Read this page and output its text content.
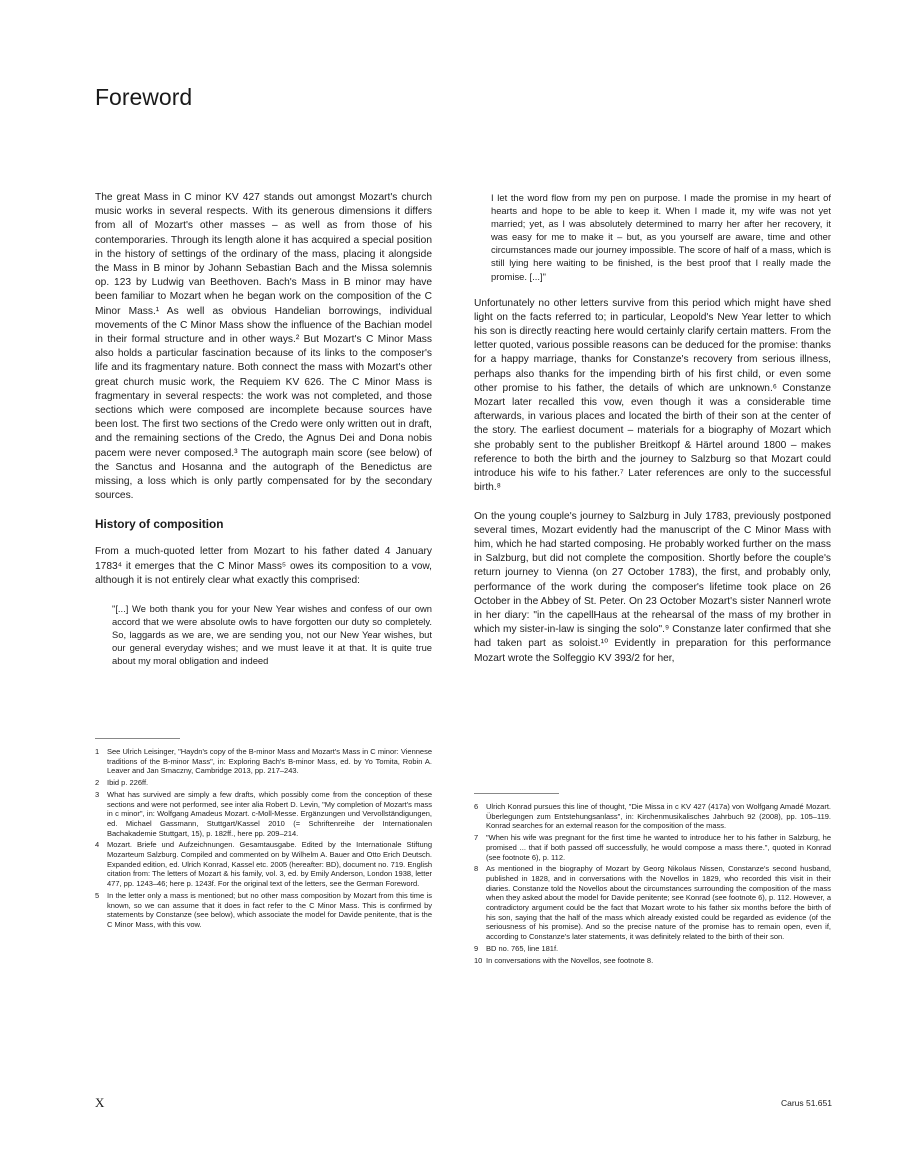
Foreword

The great Mass in C minor KV 427 stands out amongst Mozart's church music works in several respects. With its generous dimensions it differs from all of Mozart's other masses – as well as from those of his contemporaries. Through its length alone it has acquired a special position in the history of settings of the ordinary of the mass, placing it alongside the Mass in B minor by Johann Sebastian Bach and the Missa solemnis op. 123 by Ludwig van Beethoven. Bach's Mass in B minor may have been familiar to Mozart when he began work on the composition of the C Minor Mass.¹ As well as obvious Handelian borrowings, individual movements of the C Minor Mass show the influence of the Bachian model in their formal structure and in other ways.² But Mozart's C Minor Mass also holds a particular fascination because of its links to the composer's life and its fragmentary nature. Both connect the mass with Mozart's other great church music work, the Requiem KV 626. The C Minor Mass is fragmentary in several respects: the work was not completed, and those sections which were composed are incomplete because sources have been lost. The first two sections of the Credo were only written out in draft, and the remaining sections of the Credo, the Agnus Dei and Dona nobis pacem were never composed.³ The autograph main score (see below) of the Sanctus and Hosanna and the autograph of the Benedictus are missing, a loss which is only partly compensated for by the secondary sources.

History of composition

From a much-quoted letter from Mozart to his father dated 4 January 1783⁴ it emerges that the C Minor Mass⁵ owes its composition to a vow, although it is not entirely clear what exactly this comprised:

"[...] We both thank you for your New Year wishes and confess of our own accord that we were absolute owls to have forgotten our duty so completely. So, laggards as we are, we are sending you, not our New Year wishes, but our general everyday wishes; and we must leave it at that. It is quite true about my moral obligation and indeed

1	See Ulrich Leisinger, "Haydn's copy of the B-minor Mass and Mozart's Mass in C minor: Viennese traditions of the B-minor Mass", in: Exploring Bach's B-minor Mass, ed. by Yo Tomita, Robin A. Leaver and Jan Smaczny, Cambridge 2013, pp. 217–243.
2	Ibid p. 226ff.
3	What has survived are simply a few drafts, which possibly come from the conception of these sections and were not performed, see inter alia Robert D. Levin, "My completion of Mozart's mass in c minor", in: Wolfgang Amadeus Mozart. c-Moll-Messe. Ergänzungen und Vervollständigungen, ed. Michael Gassmann, Stuttgart/Kassel 2010 (= Schriftenreihe der Internationalen Bachakademie Stuttgart, 15), p. 182ff., here pp. 209–214.
4	Mozart. Briefe und Aufzeichnungen. Gesamtausgabe. Edited by the Internationale Stiftung Mozarteum Salzburg. Compiled and commented on by Wilhelm A. Bauer and Otto Erich Deutsch. Expanded edition, ed. Ulrich Konrad, Kassel etc. 2005 (hereafter: BD), document no. 719. English citation from: The letters of Mozart & his family, vol. 3, ed. by Emily Anderson, London 1938, letter 477, pp. 1243–46; here p. 1243f. For the original text of the letters, see the German Foreword.
5	In the letter only a mass is mentioned; but no other mass composition by Mozart from this time is known, so we can assume that it does in fact refer to the C Minor Mass. This is confirmed by statements by Constanze (see below), which associate the model for Davide penitente, that is the C Minor Mass, with this vow.

I let the word flow from my pen on purpose. I made the promise in my heart of hearts and hope to be able to keep it. When I made it, my wife was not yet married; yet, as I was absolutely determined to marry her after her recovery, it was easy for me to make it – but, as you yourself are aware, time and other circumstances made our journey impossible. The score of half of a mass, which is still lying here waiting to be finished, is the best proof that I really made the promise. [...]"

Unfortunately no other letters survive from this period which might have shed light on the facts referred to; in particular, Leopold's New Year letter to which his son is directly reacting here would certainly clarify certain matters. From the letter quoted, various possible reasons can be deduced for the promise: thanks for a happy marriage, thanks for Constanze's recovery from serious illness, perhaps also thanks for the impending birth of his first child, or even some other promise to his father, the details of which are unknown.⁶ Constanze Mozart later recalled this vow, even though it was a considerable time afterwards, in various places and located the birth of their son at the center of the story. The earliest document – materials for a biography of Mozart which she probably sent to the publisher Breitkopf & Härtel around 1800 – makes reference to both the birth and the journey to Salzburg so that Mozart could introduce his wife to his father.⁷ Later references are only to the successful birth.⁸

On the young couple's journey to Salzburg in July 1783, previously postponed several times, Mozart evidently had the manuscript of the C Minor Mass with him, which he had started composing. He probably worked further on the mass in Salzburg, but did not complete the composition. Shortly before the couple's return journey to Vienna (on 27 October 1783), the first, and probably only, performance of the work during the composer's lifetime took place on 26 October in the Abbey of St. Peter. On 23 October Mozart's sister Nannerl wrote in her diary: "in the capellHaus at the rehearsal of the mass of my brother in which my sister-in-law is singing the solo".⁹ Constanze later confirmed that she had taken part as soloist.¹⁰ Evidently in preparation for this performance Mozart wrote the Solfeggio KV 393/2 for her,

6	Ulrich Konrad pursues this line of thought, "Die Missa in c KV 427 (417a) von Wolfgang Amadé Mozart. Überlegungen zum Entstehungsanlass", in: Kirchenmusikalisches Jahrbuch 92 (2008), pp. 105–119. Konrad searches for an external reason for the composition of the mass.
7	"When his wife was pregnant for the first time he wanted to introduce her to his father in Salzburg, he promised ... that if both passed off successfully, he would compose a mass there.", quoted in Konrad (see footnote 6), p. 112.
8	As mentioned in the biography of Mozart by Georg Nikolaus Nissen, Constanze's second husband, published in 1828, and in conversations with the Novellos in 1829, who recorded this visit in their diaries. Constanze told the Novellos about the circumstances surrounding the composition of the mass when they asked about the model for Davide penitente; see Konrad (see footnote 6), p. 112. However, a contradictory argument could be the fact that Mozart wrote to his father six months before the birth of his son, saying that the half of the mass which already existed could be regarded as evidence (of the seriousness of his promise). And so the precise nature of the promise has to remain open, even if, according to Constanze's later statements, it was definitely related to the birth of their son.
9	BD no. 765, line 181f.
10 In conversations with the Novellos, see footnote 8.
X	Carus 51.651
